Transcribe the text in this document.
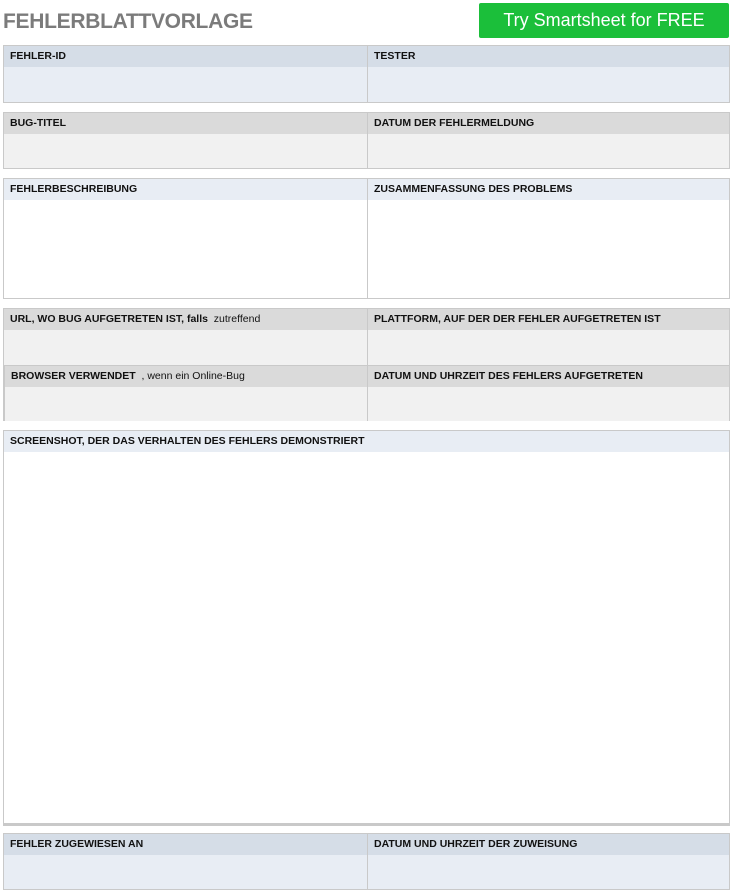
FEHLERBLATTVORLAGE	Try Smartsheet for FREE
FEHLER-ID	TESTER
BUG-TITEL	DATUM DER FEHLERMELDUNG
FEHLERBESCHREIBUNG	ZUSAMMENFASSUNG DES PROBLEMS
URL, WO BUG AUFGETRETEN IST, falls zutreffend	PLATTFORM, AUF DER DER FEHLER AUFGETRETEN IST
BROWSER VERWENDET , wenn ein Online-Bug	DATUM UND UHRZEIT DES FEHLERS AUFGETRETEN
SCREENSHOT, DER DAS VERHALTEN DES FEHLERS DEMONSTRIERT
FEHLER ZUGEWIESEN AN	DATUM UND UHRZEIT DER ZUWEISUNG
